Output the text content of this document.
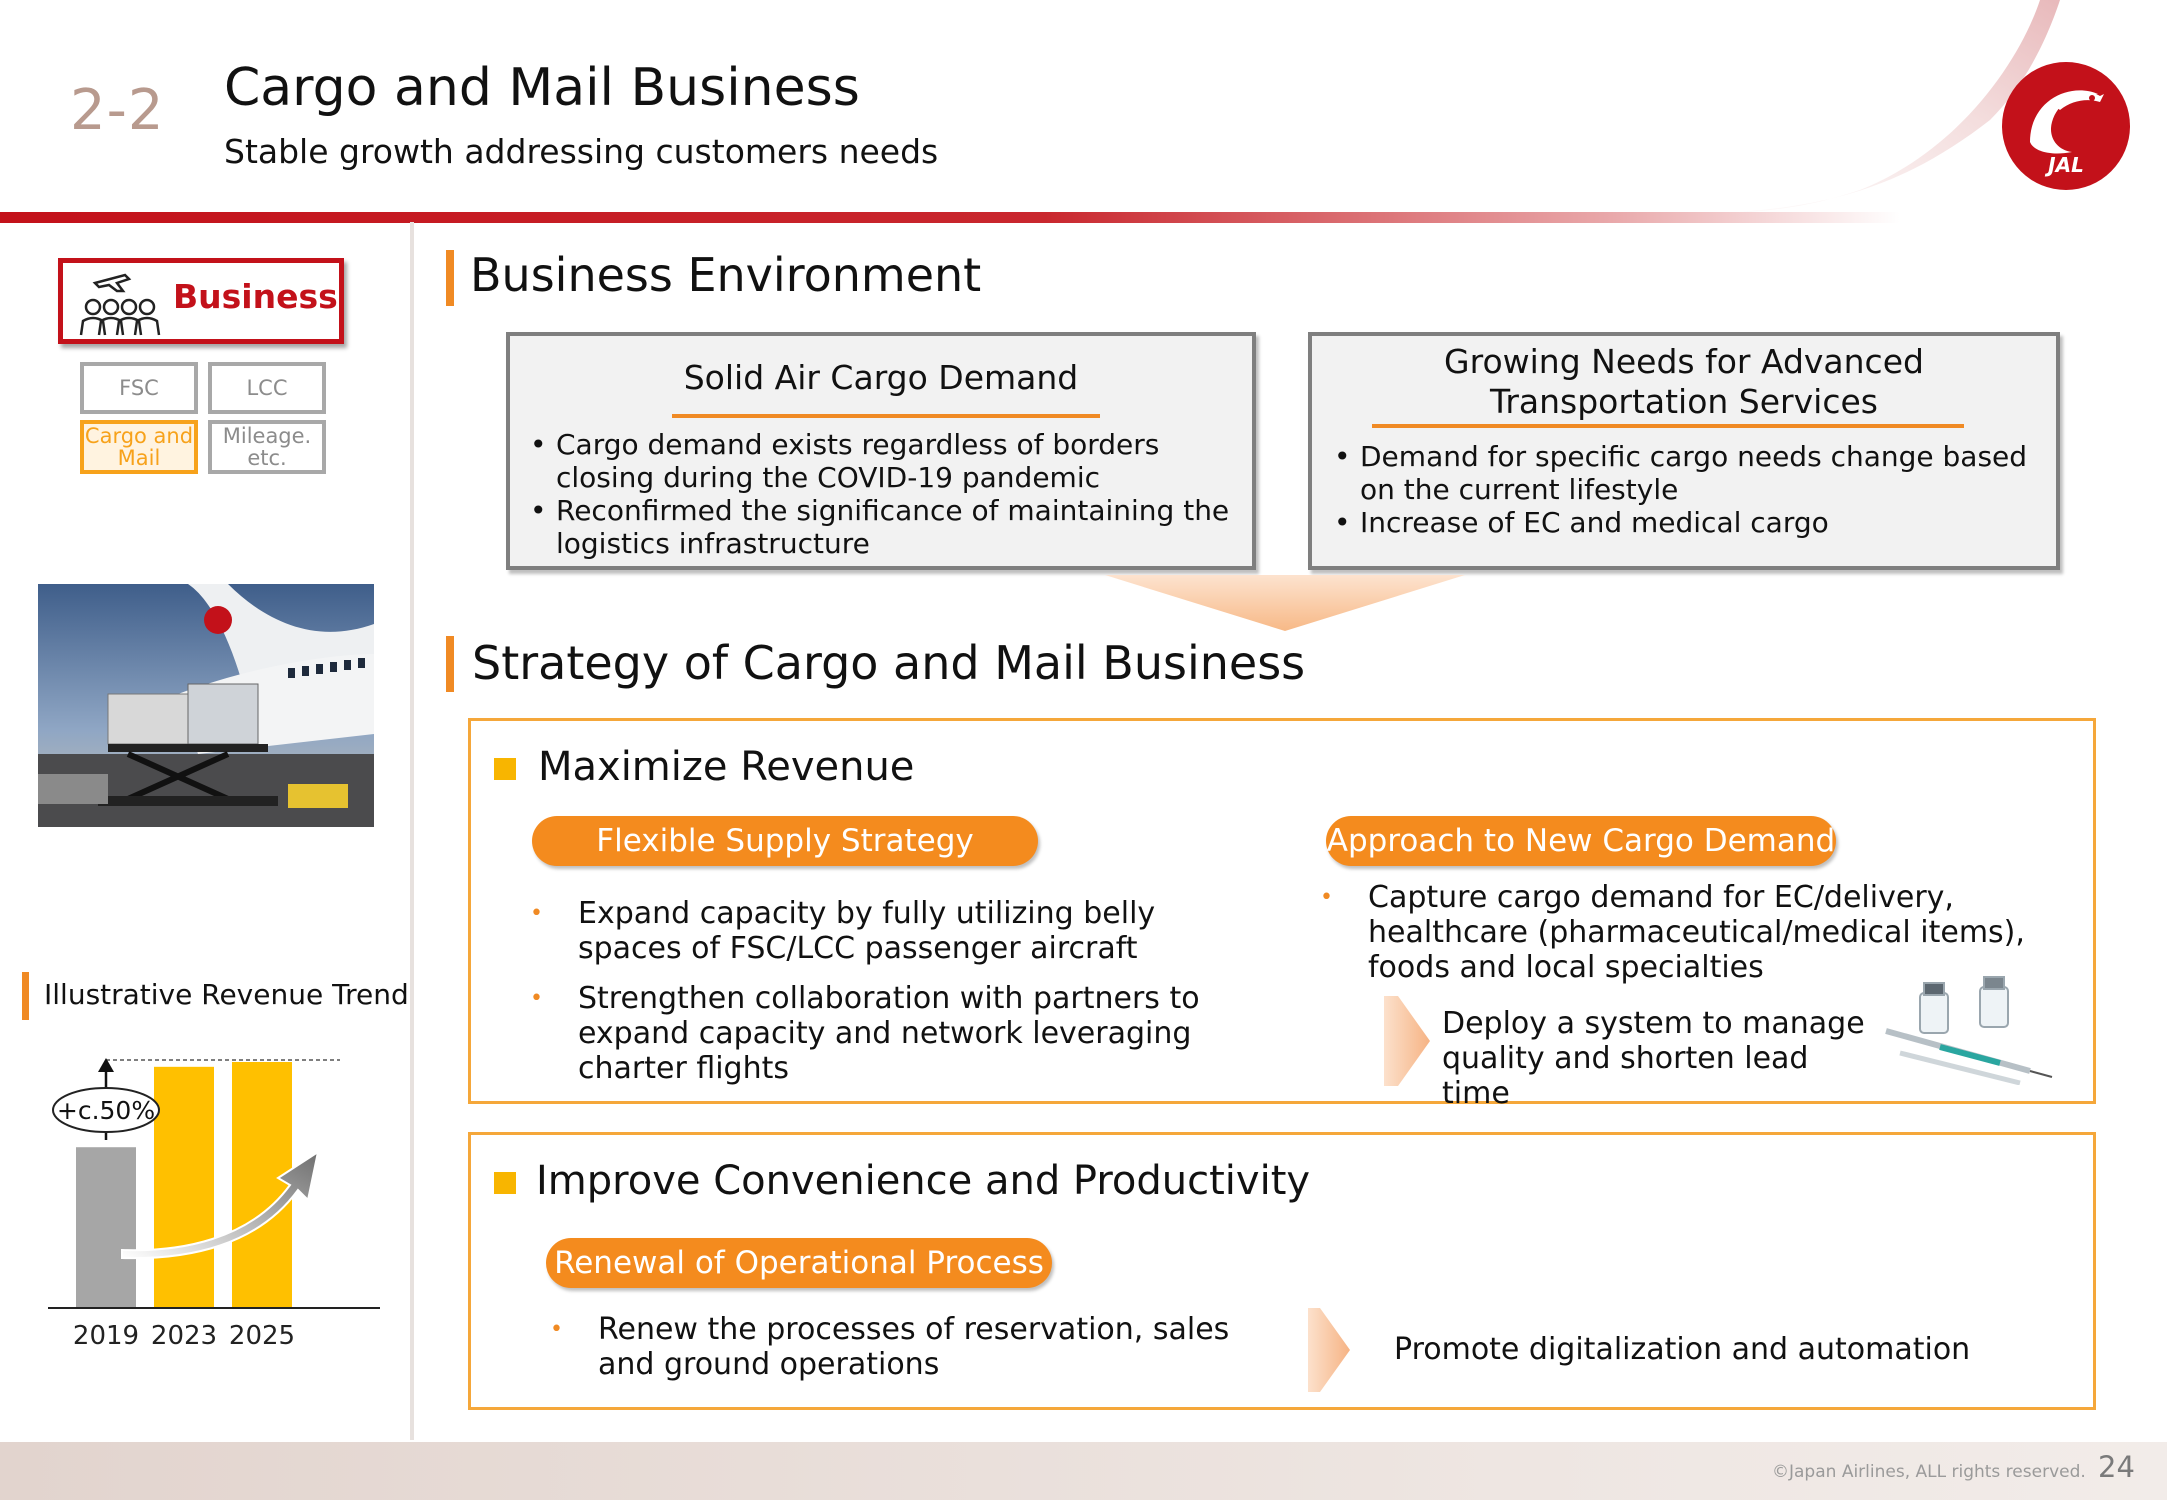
2-2 Cargo and Mail Business
Stable growth addressing customers needs	JAL
Business
FSC	LCC
Cargo and Mail
Mileage. etc.
Illustrative Revenue Trend
2019 2023 2025
+c.50%
Business Environment
Solid Air Cargo Demand
• Cargo demand exists regardless of borders closing during the COVID-19 pandemic
• Reconfirmed the significance of maintaining the logistics infrastructure
Growing Needs for Advanced Transportation Services
• Demand for specific cargo needs change based on the current lifestyle
• Increase of EC and medical cargo
Strategy of Cargo and Mail Business
Maximize Revenue
Flexible Supply Strategy
• Expand capacity by fully utilizing belly spaces of FSC/LCC passenger aircraft
• Strengthen collaboration with partners to expand capacity and network leveraging charter flights
Approach to New Cargo Demand
• Capture cargo demand for EC/delivery, healthcare (pharmaceutical/medical items), foods and local specialties
Deploy a system to manage quality and shorten lead time
Improve Convenience and Productivity
Renewal of Operational Process
• Renew the processes of reservation, sales and ground operations	Promote digitalization and automation
©Japan Airlines, ALL rights reserved. 24
